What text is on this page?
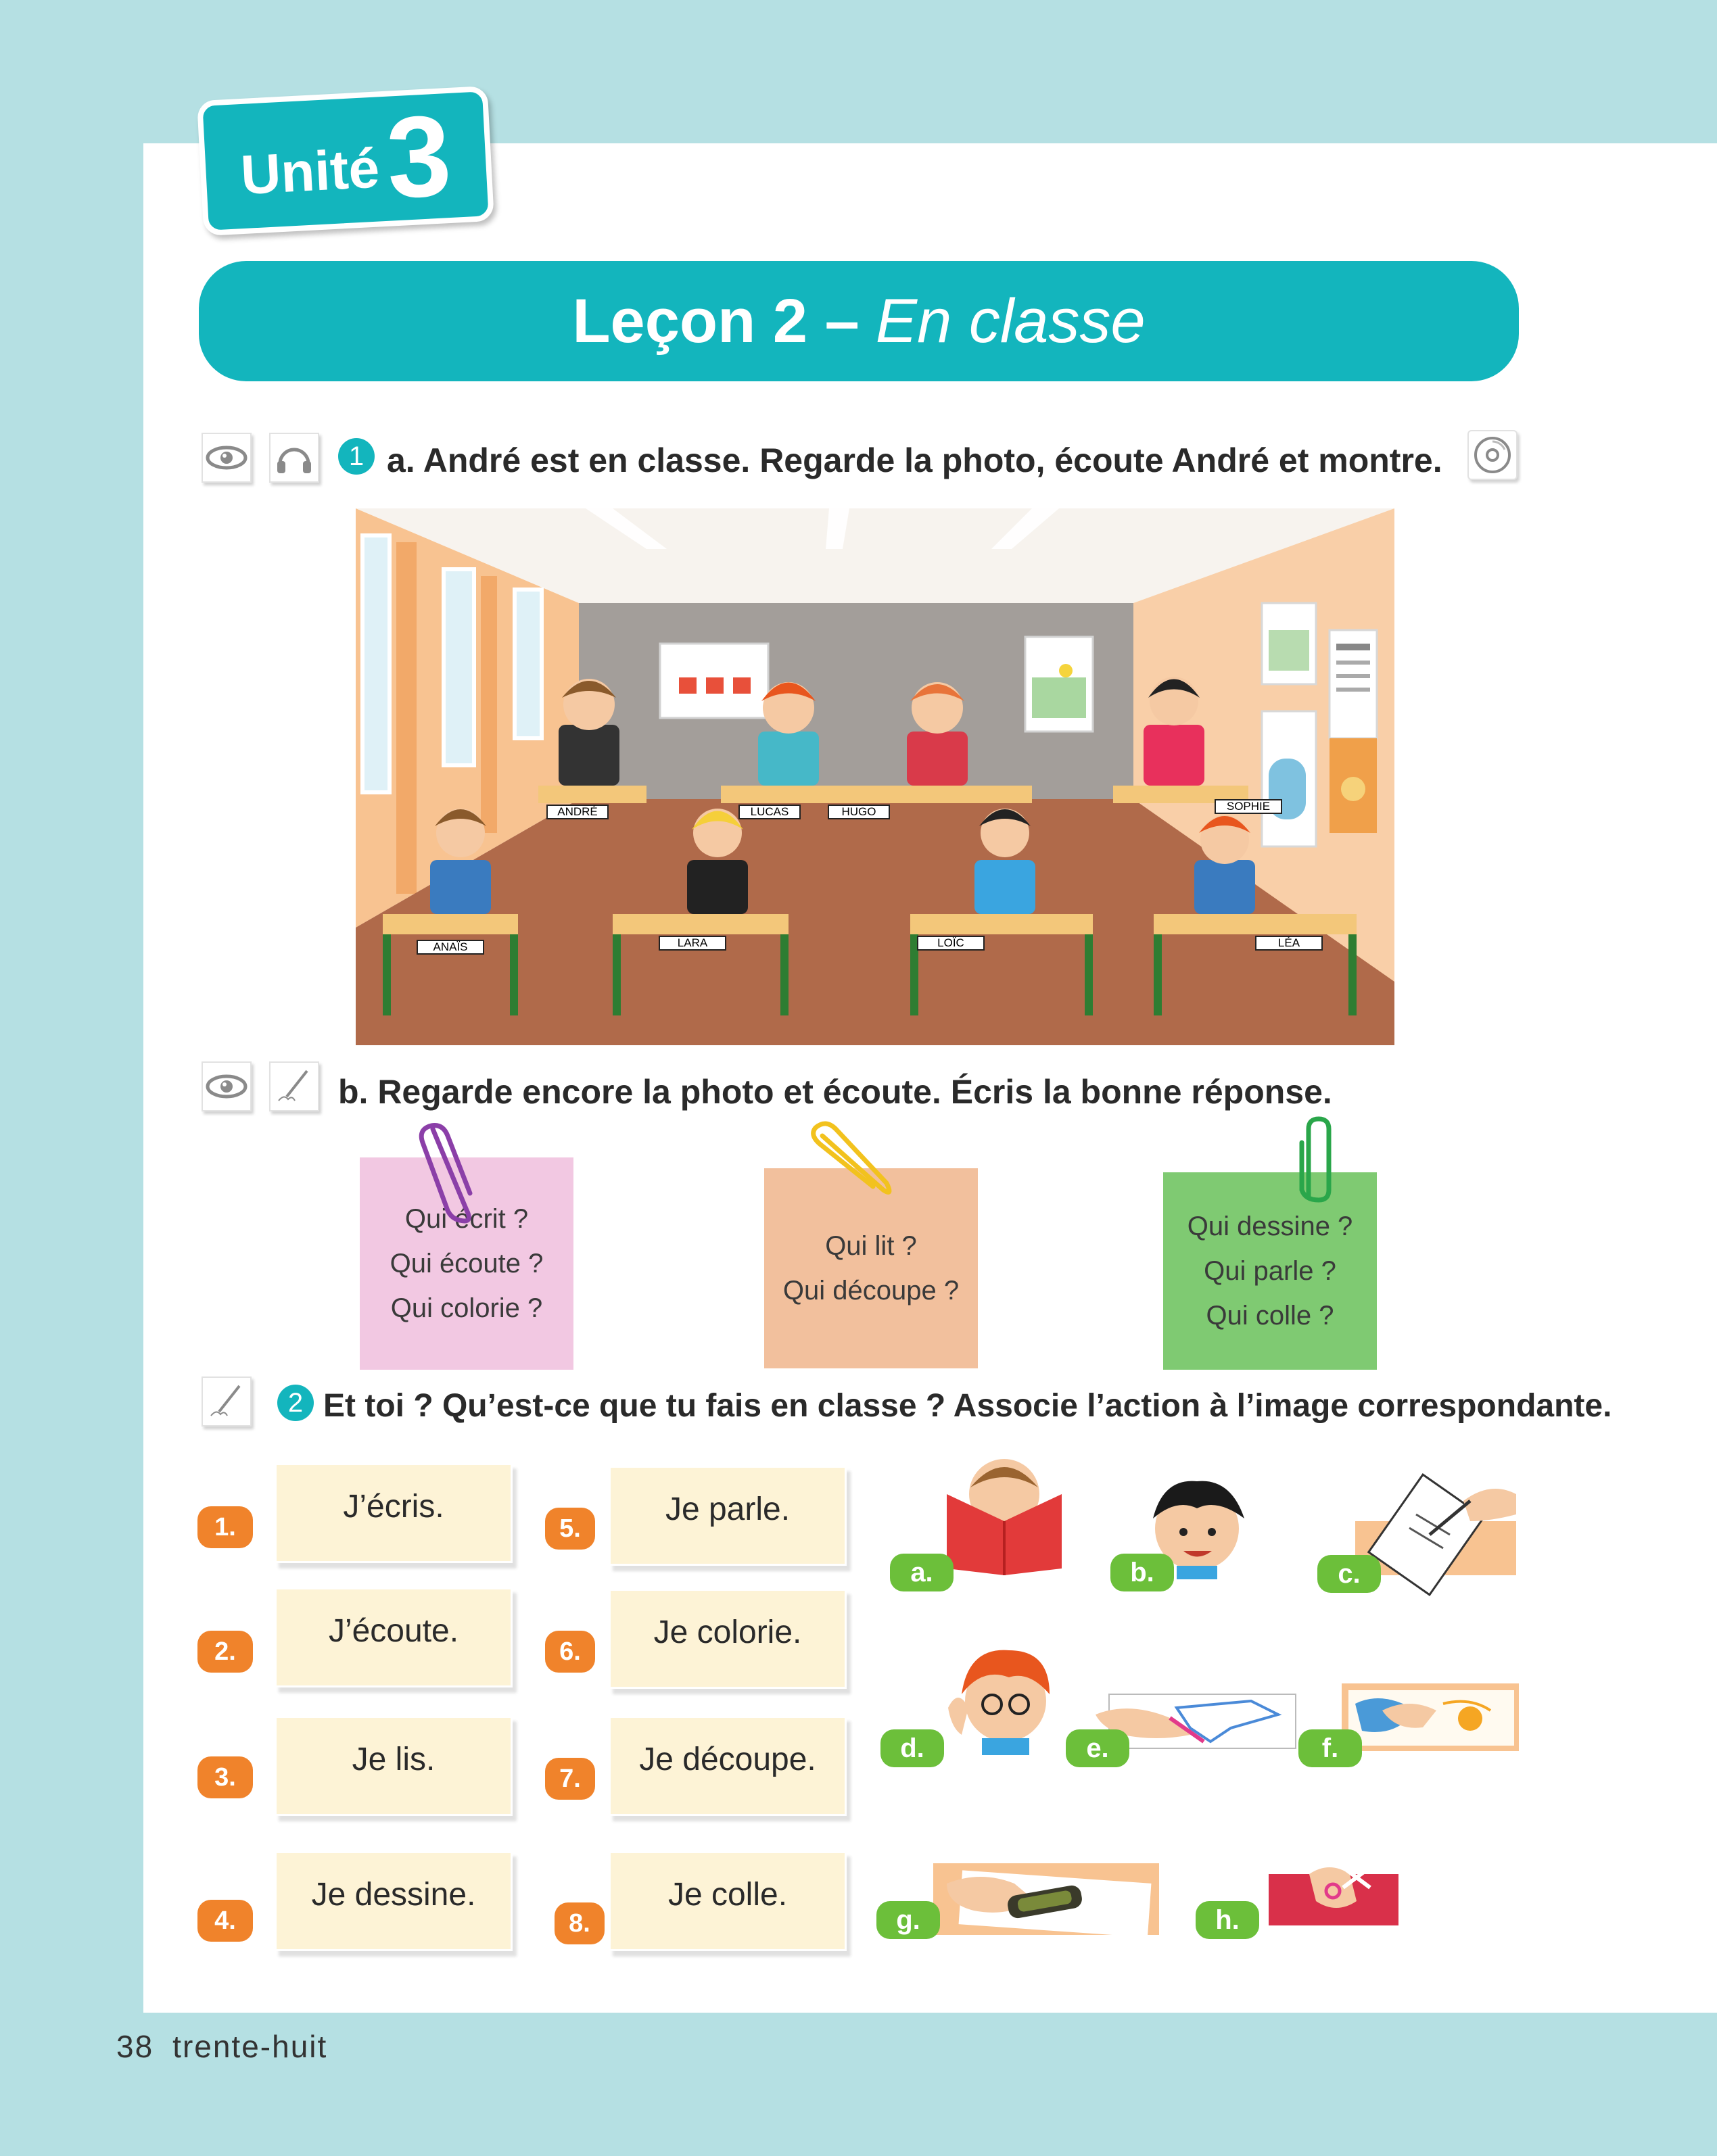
Unité 3
Leçon 2 – En classe
1 a. André est en classe. Regarde la photo, écoute André et montre.
ANDRÉ	LUCAS	HUGO	SOPHIE
ANAÏS	LARA	LOÏC	LÉA
b. Regarde encore la photo et écoute. Écris la bonne réponse.
Qui écrit ?
Qui écoute ?
Qui colorie ?
Qui lit ?
Qui découpe ?
Qui dessine ?
Qui parle ?
Qui colle ?
2 Et toi ? Qu’est-ce que tu fais en classe ? Associe l’action à l’image correspondante.
1.
J’écris.
2.
J’écoute.
3.	Je lis.
4.
Je dessine.
5.
Je parle.
6.
Je colorie.
7.
Je découpe.
8.
Je colle.
a.	b.	c.
d.	e.	f.
g.	h.
38 trente-huit
